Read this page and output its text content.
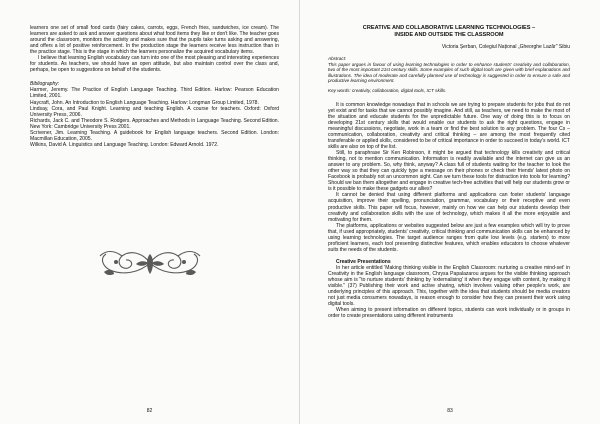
learners one set of small food cards (fairy cakes, carrots, eggs, French fries, sandwiches, ice cream). The learners are asked to ask and answer questions about what food items they like or don't like. The teacher goes around the classroom, monitors the activity and makes sure that the pupils take turns asking and answering, and offers a lot of positive reinforcement. In the production stage the learners receive less instruction than in the practice stage. This is the stage in which the learners personalize the acquired vocabulary items.

I believe that learning English vocabulary can turn into one of the most pleasing and interesting experiences for students. As teachers, we should have an open attitude, but also maintain control over the class and, perhaps, be open to suggestions on behalf of the students.

Bibliography:

Harmer, Jeremy. The Practice of English Language Teaching. Third Edition. Harlow: Pearson Education Limited, 2001.

Haycraft, John. An Introduction to English Language Teaching. Harlow: Longman Group Limited, 1978.

Lindsay, Cora, and Paul Knight. Learning and teaching English. A course for teachers. Oxford: Oxford University Press, 2006.

Richards, Jack C. and Theodore S. Rodgers. Approaches and Methods in Language Teaching. Second Edition. New York: Cambridge University Press 2001.

Scrivener, Jim. Learning Teaching. A guidebook for English language teachers. Second Edition. London: Macmillan Education, 2005.

Wilkins, David A. Linguistics and Language Teaching. London: Edward Arnold. 1972.

82
CREATIVE AND COLLABORATIVE LEARNING TECHNOLOGIES –
INSIDE AND OUTSIDE THE CLASSROOM
Victoria Șerban, Colegiul Național „Gheorghe Lazăr" Sibiu

Abstract:

This paper argues in favour of using learning technologies in order to enhance students' creativity and collaboration, two of the most important 21st century skills. Some examples of such digital tools are given with brief explanations and illustrations. The idea of moderate and carefully planned use of technology is suggested in order to ensure a safe and productive learning environment.

Key words: creativity, collaboration, digital tools, ICT skills.

It is common knowledge nowadays that in schools we are trying to prepare students for jobs that do not yet exist and for tasks that we cannot possibly imagine. And still, as teachers, we need to make the most of the situation and educate students for the unpredictable future. One way of doing this is to focus on developing 21st century skills that would enable our students to ask the right questions, engage in meaningful discussions, negotiate, work in a team or find the best solution to any problem. The four Cs – communication, collaboration, creativity and critical thinking – are among the most frequently cited transferable or applied skills, considered to be of critical importance in order to succeed in today's world. ICT skills are also on top of the list.

Still, to paraphrase Sir Ken Robinson, it might be argued that technology kills creativity and critical thinking, not to mention communication. Information is readily available and the internet can give us an answer to any problem. So, why think, anyway? A class full of students waiting for the teacher to look the other way so that they can quickly type a message on their phones or check their friends' latest photo on Facebook is probably not an uncommon sight. Can we turn these tools for distraction into tools for learning? Should we ban them altogether and engage in creative tech-free activities that will help our students grow or is it possible to make these gadgets our allies?

It cannot be denied that using different platforms and applications can foster students' language acquisition, improve their spelling, pronunciation, grammar, vocabulary or their receptive and even productive skills. This paper will focus, however, mainly on how we can help our students develop their creativity and collaboration skills with the use of technology, which makes it all the more enjoyable and motivating for them.

The platforms, applications or websites suggested below are just a few examples which will try to prove that, if used appropriately, students' creativity, critical thinking and communication skills can be enhanced by using learning technologies. The target audience ranges from quite low levels (e.g. starters) to more proficient learners, each tool presenting distinctive features, which enables educators to choose whatever suits the needs of the students.

Creative Presentations

In her article entitled 'Making thinking visible in the English Classroom: nurturing a creative mind-set' in Creativity in the English language classroom, Chrysa Papalazarou argues for the visible thinking approach whose aim is "to nurture students' thinking by 'externalising' it when they engage with content, by making it visible." (37) Publishing their work and active sharing, which involves valuing other people's work, are underlying principles of this approach. This, together with the idea that students should be media creators not just media consumers nowadays, is reason enough to consider how they can present their work using digital tools.

When aiming to present information on different topics, students can work individually or in groups in order to create presentations using different instruments

83
